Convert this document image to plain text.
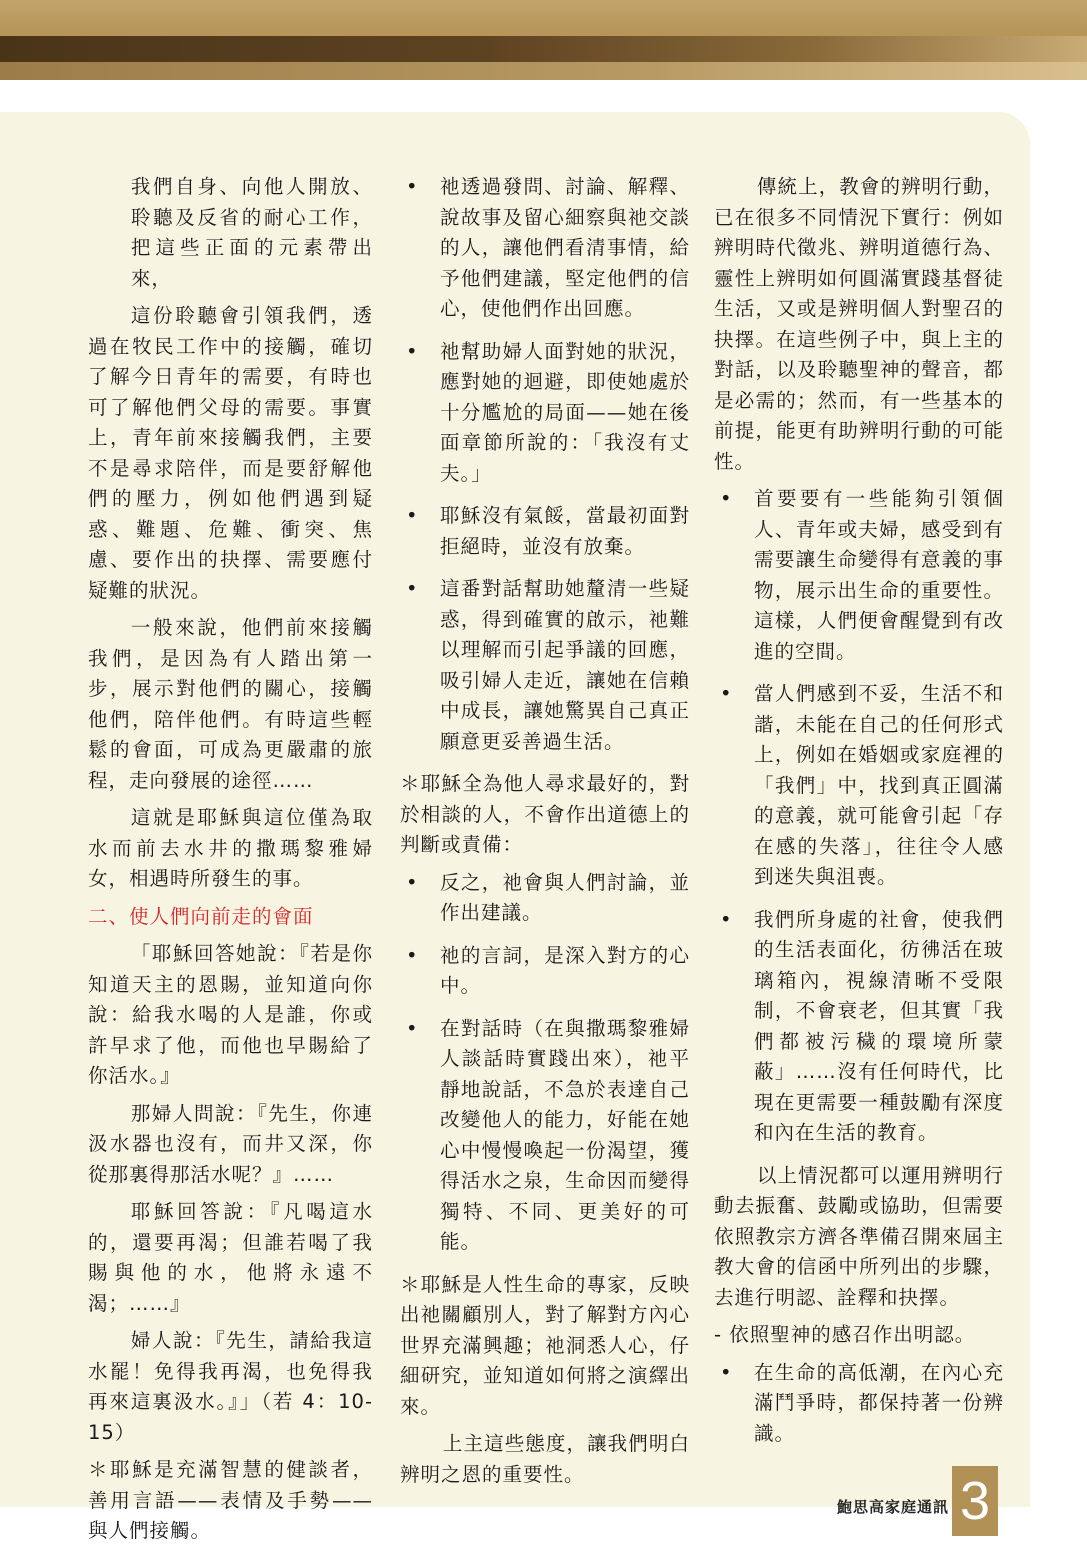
我們自身、向他人開放、聆聽及反省的耐心工作，把這些正面的元素帶出來，

這份聆聽會引領我們，透過在牧民工作中的接觸，確切了解今日青年的需要，有時也可了解他們父母的需要。事實上，青年前來接觸我們，主要不是尋求陪伴，而是要舒解他們的壓力，例如他們遇到疑惑、難題、危難、衝突、焦慮、要作出的抉擇、需要應付疑難的狀況。

一般來說，他們前來接觸我們，是因為有人踏出第一步，展示對他們的關心，接觸他們，陪伴他們。有時這些輕鬆的會面，可成為更嚴肅的旅程，走向發展的途徑……

這就是耶穌與這位僅為取水而前去水井的撒瑪黎雅婦女，相遇時所發生的事。

二、使人們向前走的會面

「耶穌回答她說：『若是你知道天主的恩賜，並知道向你說：給我水喝的人是誰，你或許早求了他，而他也早賜給了你活水。』

那婦人問說：『先生，你連汲水器也沒有，而井又深，你從那裏得那活水呢？』……

耶穌回答說：『凡喝這水的，還要再渴；但誰若喝了我賜與他的水，他將永遠不渴；……』

婦人說：『先生，請給我這水罷！免得我再渴，也免得我再來這裏汲水。』」（若 4：10-15）

＊耶穌是充滿智慧的健談者，善用言語——表情及手勢——與人們接觸。

• 祂透過發問、討論、解釋、說故事及留心細察與祂交談的人，讓他們看清事情，給予他們建議，堅定他們的信心，使他們作出回應。
• 祂幫助婦人面對她的狀況，應對她的迴避，即使她處於十分尷尬的局面——她在後面章節所說的：「我沒有丈夫。」
• 耶穌沒有氣餒，當最初面對拒絕時，並沒有放棄。
• 這番對話幫助她釐清一些疑惑，得到確實的啟示，祂難以理解而引起爭議的回應，吸引婦人走近，讓她在信賴中成長，讓她驚異自己真正願意更妥善過生活。

＊耶穌全為他人尋求最好的，對於相談的人，不會作出道德上的判斷或責備：

• 反之，祂會與人們討論，並作出建議。
• 祂的言詞，是深入對方的心中。
• 在對話時（在與撒瑪黎雅婦人談話時實踐出來），祂平靜地說話，不急於表達自己改變他人的能力，好能在她心中慢慢喚起一份渴望，獲得活水之泉，生命因而變得獨特、不同、更美好的可能。

＊耶穌是人性生命的專家，反映出祂關顧別人，對了解對方內心世界充滿興趣；祂洞悉人心，仔細研究，並知道如何將之演繹出來。

上主這些態度，讓我們明白辨明之恩的重要性。

傳統上，教會的辨明行動，已在很多不同情況下實行：例如辨明時代徵兆、辨明道德行為、靈性上辨明如何圓滿實踐基督徒生活，又或是辨明個人對聖召的抉擇。在這些例子中，與上主的對話，以及聆聽聖神的聲音，都是必需的；然而，有一些基本的前提，能更有助辨明行動的可能性。

• 首要要有一些能夠引領個人、青年或夫婦，感受到有需要讓生命變得有意義的事物，展示出生命的重要性。這樣，人們便會醒覺到有改進的空間。
• 當人們感到不妥，生活不和諧，未能在自己的任何形式上，例如在婚姻或家庭裡的「我們」中，找到真正圓滿的意義，就可能會引起「存在感的失落」，往往令人感到迷失與沮喪。
• 我們所身處的社會，使我們的生活表面化，彷彿活在玻璃箱內，視線清晰不受限制，不會衰老，但其實「我們都被污穢的環境所蒙蔽」……沒有任何時代，比現在更需要一種鼓勵有深度和內在生活的教育。

以上情況都可以運用辨明行動去振奮、鼓勵或協助，但需要依照教宗方濟各準備召開來屆主教大會的信函中所列出的步驟，去進行明認、詮釋和抉擇。

- 依照聖神的感召作出明認。

• 在生命的高低潮，在內心充滿鬥爭時，都保持著一份辨識。
鮑思高家庭通訊 3
